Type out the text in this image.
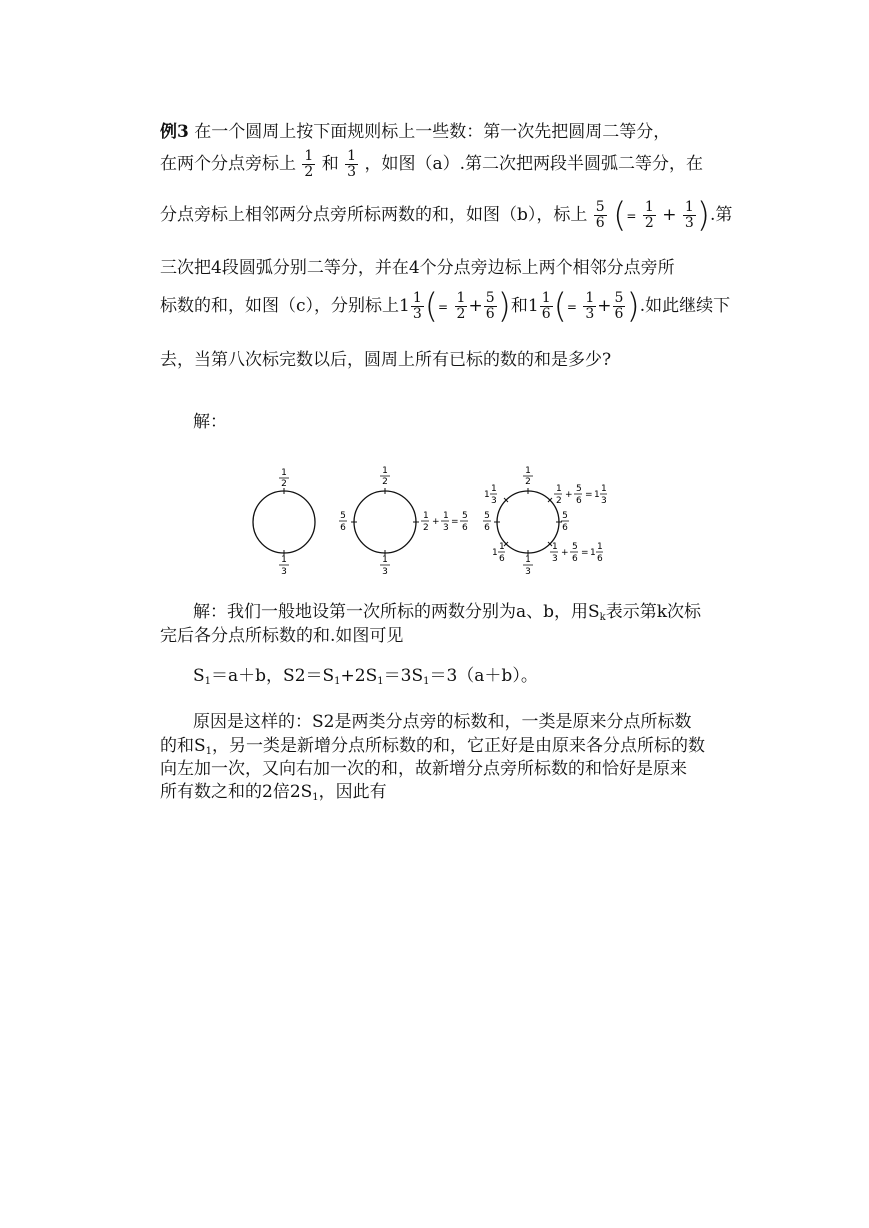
例3 在一个圆周上按下面规则标上一些数：第一次先把圆周二等分，
在两个分点旁标上 $\frac{1}{2}$ 和 $\frac{1}{3}$ ，如图（a）.第二次把两段半圆弧二等分，在
分点旁标上相邻两分点旁所标两数的和，如图（b），标上 $\frac{5}{6}$ (= $\frac{1}{2} + \frac{1}{3}$ ).第
三次把4段圆弧分别二等分，并在4个分点旁边标上两个相邻分点旁所
标数的和，如图（c），分别标上$1 \frac{1}{3}$ (= $\frac{1}{2} + \frac{5}{6}$ )和$1 \frac{1}{6}$ (= $\frac{1}{3} + \frac{5}{6}$ ).如此继续下
去，当第八次标完数以后，圆周上所有已标的数的和是多少?
解：
1
2
1
3
1
2
5
6
1
3
1
2
+
1
3
=
5
6
1
2
1
3
5
6
5
6
1
1
3
1
1
6
1
2
+
5
6
= 1
1
3
1
3
+
5
6
= 1
1
6
解：我们一般地设第一次所标的两数分别为a、b，用$S_k$表示第k次标
完后各分点所标数的和.如图可见
$S_1=a+b$，$S2=S_1+2S_1=3S_1=3(a+b)$。
原因是这样的：S2是两类分点旁的标数和，一类是原来分点所标数
的和$S_1$，另一类是新增分点所标数的和，它正好是由原来各分点所标的数
向左加一次，又向右加一次的和，故新增分点旁所标数的和恰好是原来
所有数之和的2倍$2S_1$，因此有
